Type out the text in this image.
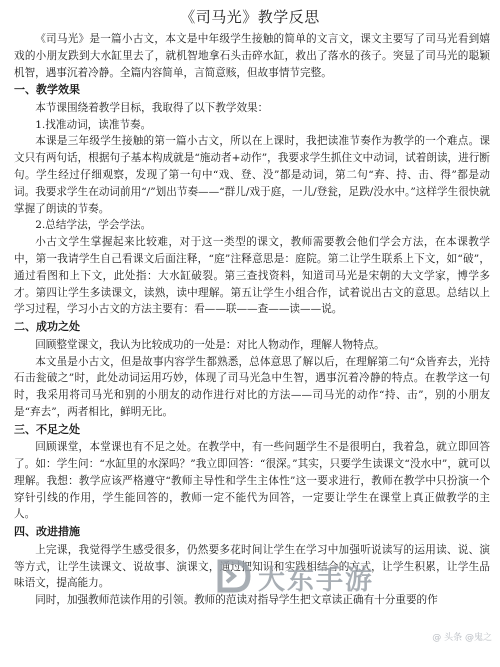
《司马光》教学反思

《司马光》是一篇小古文，本文是中年级学生接触的简单的文言文，课文主要写了司马光看到嬉戏的小朋友跌到大水缸里去了，就机智地拿石头击碎水缸，救出了落水的孩子。突显了司马光的聪颖机智，遇事沉着冷静。全篇内容简单，言简意赅，但故事情节完整。

一、教学效果

本节课围绕着教学目标，我取得了以下教学效果：

1.找准动词，读准节奏。

本课是三年级学生接触的第一篇小古文，所以在上课时，我把读准节奏作为教学的一个难点。课文只有两句话，根据句子基本构成就是“施动者+动作”，我要求学生抓住文中动词，试着朗读，进行断句。学生经过仔细观察，发现了第一句中“戏、登、没”都是动词，第二句“弃、持、击、得”都是动词。我要求学生在动词前用“/”划出节奏——“群儿/戏于庭，一儿/登瓮，足跌/没水中。”这样学生很快就掌握了朗读的节奏。

2.总结学法，学会学法。

小古文学生掌握起来比较难，对于这一类型的课文，教师需要教会他们学会方法，在本课教学中，第一我请学生自己看课文后面注释，“庭”注释意思是：庭院。第二让学生联系上下文，如“破”，通过看图和上下文，此处指：大水缸破裂。第三查找资料，知道司马光是宋朝的大文学家，博学多才。第四让学生多读课文，读熟，读中理解。第五让学生小组合作，试着说出古文的意思。总结以上学习过程，学习小古文的方法主要有：看——联——查——读——说。

二、成功之处

回顾整堂课文，我认为比较成功的一处是：对比人物动作，理解人物特点。

本文虽是小古文，但是故事内容学生都熟悉，总体意思了解以后，在理解第二句“众皆弃去，光持石击瓮破之”时，此处动词运用巧妙，体现了司马光急中生智，遇事沉着冷静的特点。在教学这一句时，我采用将司马光和别的小朋友的动作进行对比的方法——司马光的动作“持、击”，别的小朋友是“弃去”，两者相比，鲜明无比。

三、不足之处

回顾课堂，本堂课也有不足之处。在教学中，有一些问题学生不是很明白，我着急，就立即回答了。如：学生问：“水缸里的水深吗？”我立即回答：“很深。”其实，只要学生读课文“没水中”，就可以理解。我想：教学应该严格遵守“教师主导性和学生主体性”这一要求进行，教师在教学中只扮演一个穿针引线的作用，学生能回答的，教师一定不能代为回答，一定要让学生在课堂上真正做教学的主人。

四、改进措施

上完课，我觉得学生感受很多，仍然要多花时间让学生在学习中加强听说读写的运用读、说、演等方式，让学生读课文、说故事、演课文，通过把知识和实践相结合的方式，让学生积累，让学生品味语文，提高能力。

同时，加强教师范读作用的引领。教师的范读对指导学生把文章读正确有十分重要的作

大东手游
@ 头条 @鬼之
